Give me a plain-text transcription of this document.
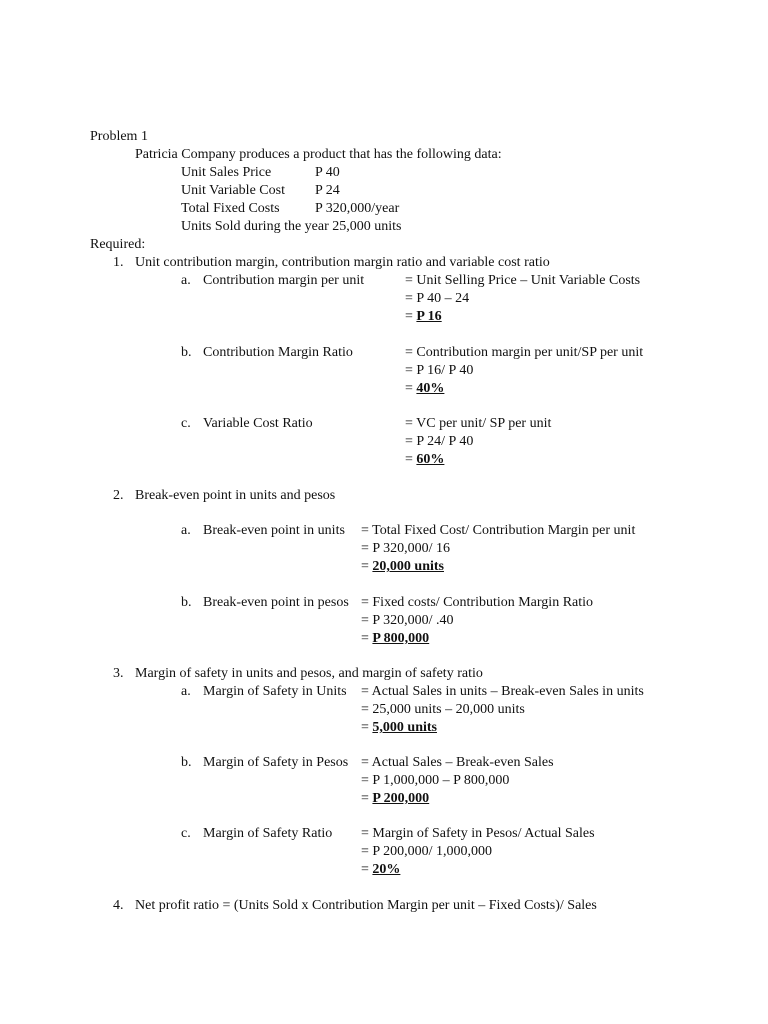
Problem 1
Patricia Company produces a product that has the following data:
Unit Sales Price	P 40
Unit Variable Cost P 24
Total Fixed Costs	P 320,000/year
Units Sold during the year 25,000 units
Required:
1. Unit contribution margin, contribution margin ratio and variable cost ratio
a. Contribution margin per unit	= Unit Selling Price – Unit Variable Costs
= P 40 – 24
= P 16
b. Contribution Margin Ratio	= Contribution margin per unit/SP per unit
= P 16/ P 40
= 40%
c. Variable Cost Ratio	= VC per unit/ SP per unit
= P 24/ P 40
= 60%
2. Break-even point in units and pesos
a. Break-even point in units = Total Fixed Cost/ Contribution Margin per unit
= P 320,000/ 16
= 20,000 units
b. Break-even point in pesos = Fixed costs/ Contribution Margin Ratio
= P 320,000/ .40
= P 800,000
3. Margin of safety in units and pesos, and margin of safety ratio
a. Margin of Safety in Units = Actual Sales in units – Break-even Sales in units
= 25,000 units – 20,000 units
= 5,000 units
b. Margin of Safety in Pesos = Actual Sales – Break-even Sales
= P 1,000,000 – P 800,000
= P 200,000
c. Margin of Safety Ratio = Margin of Safety in Pesos/ Actual Sales
= P 200,000/ 1,000,000
= 20%
4. Net profit ratio = (Units Sold x Contribution Margin per unit – Fixed Costs)/ Sales
